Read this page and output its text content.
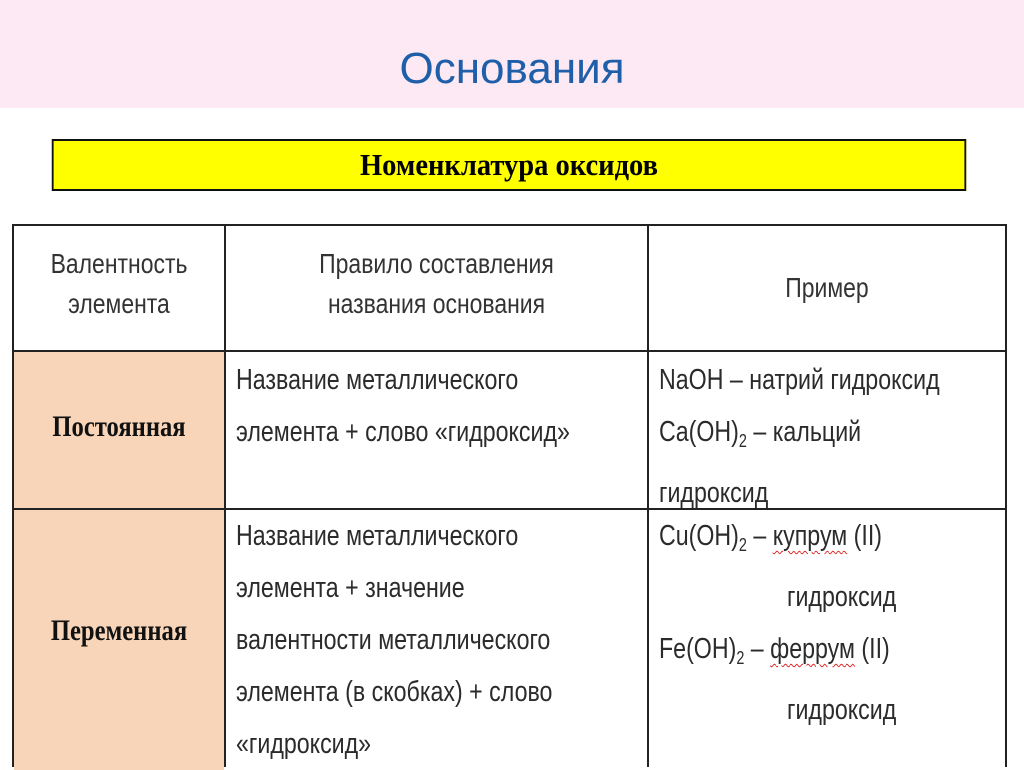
Основания
Номенклатура оксидов
Валентность
элемента
Правило составления
названия основания
Пример
Постоянная
Название металлического
элемента + слово «гидроксид»
NaOH – натрий гидроксид
$Ca(OH)_2$ – кальций
гидроксид
Переменная
Название металлического
элемента + значение
валентности металлического
элемента (в скобках) + слово
«гидроксид»
$Cu(OH)_2$ – купрум (II)
гидроксид
$Fe(OH)_2$ – феррум (II)
гидроксид
